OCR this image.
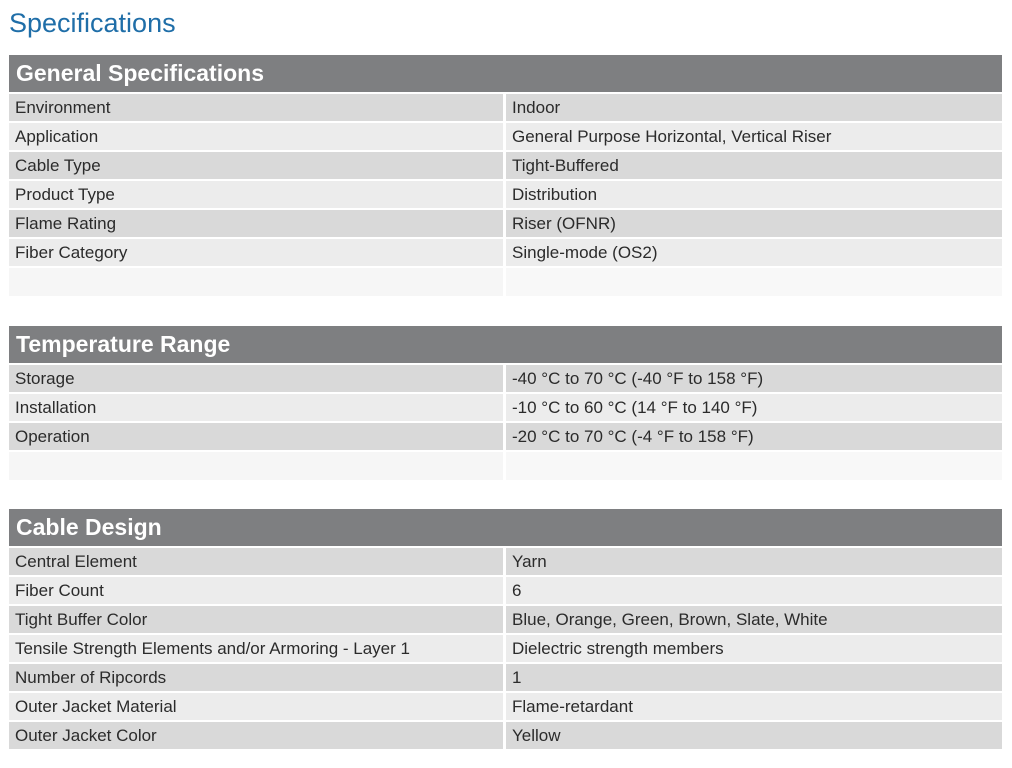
Specifications
General Specifications
Environment	Indoor
Application	General Purpose Horizontal, Vertical Riser
Cable Type	Tight-Buffered
Product Type	Distribution
Flame Rating	Riser (OFNR)
Fiber Category	Single-mode (OS2)

Temperature Range
Storage	-40 °C to 70 °C (-40 °F to 158 °F)
Installation	-10 °C to 60 °C (14 °F to 140 °F)
Operation	-20 °C to 70 °C (-4 °F to 158 °F)

Cable Design
Central Element	Yarn
Fiber Count	6
Tight Buffer Color	Blue, Orange, Green, Brown, Slate, White
Tensile Strength Elements and/or Armoring - Layer 1	Dielectric strength members
Number of Ripcords	1
Outer Jacket Material	Flame-retardant
Outer Jacket Color	Yellow
